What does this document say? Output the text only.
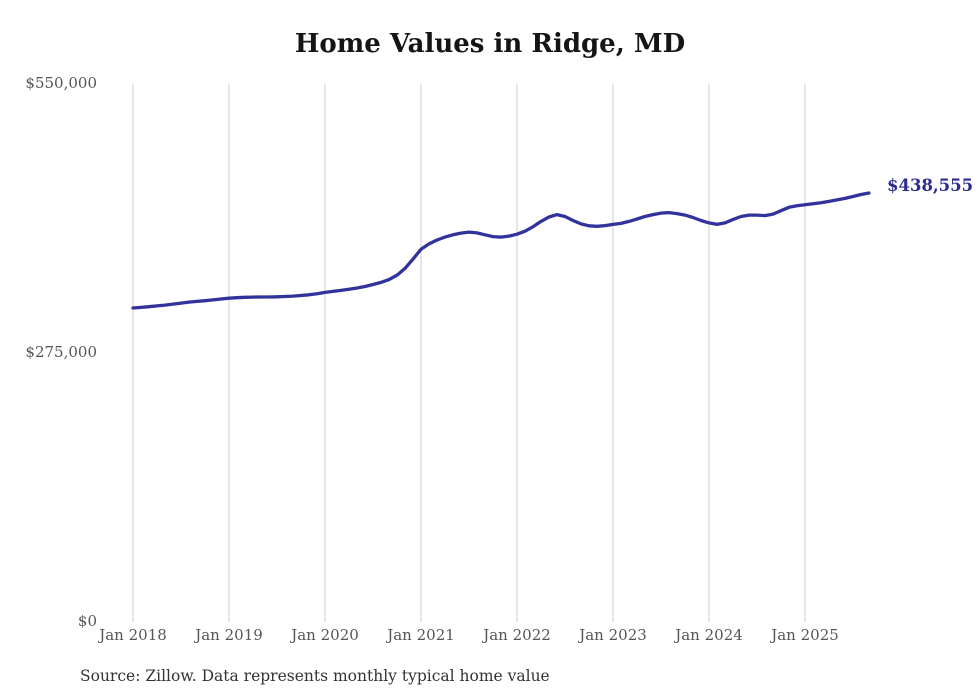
Home Values in Ridge, MD
$550,000
$275,000
$0
Jan 2018	Jan 2019	Jan 2020	Jan 2021	Jan 2022	Jan 2023	Jan 2024	Jan 2025
$438,555
Source: Zillow. Data represents monthly typical home value
